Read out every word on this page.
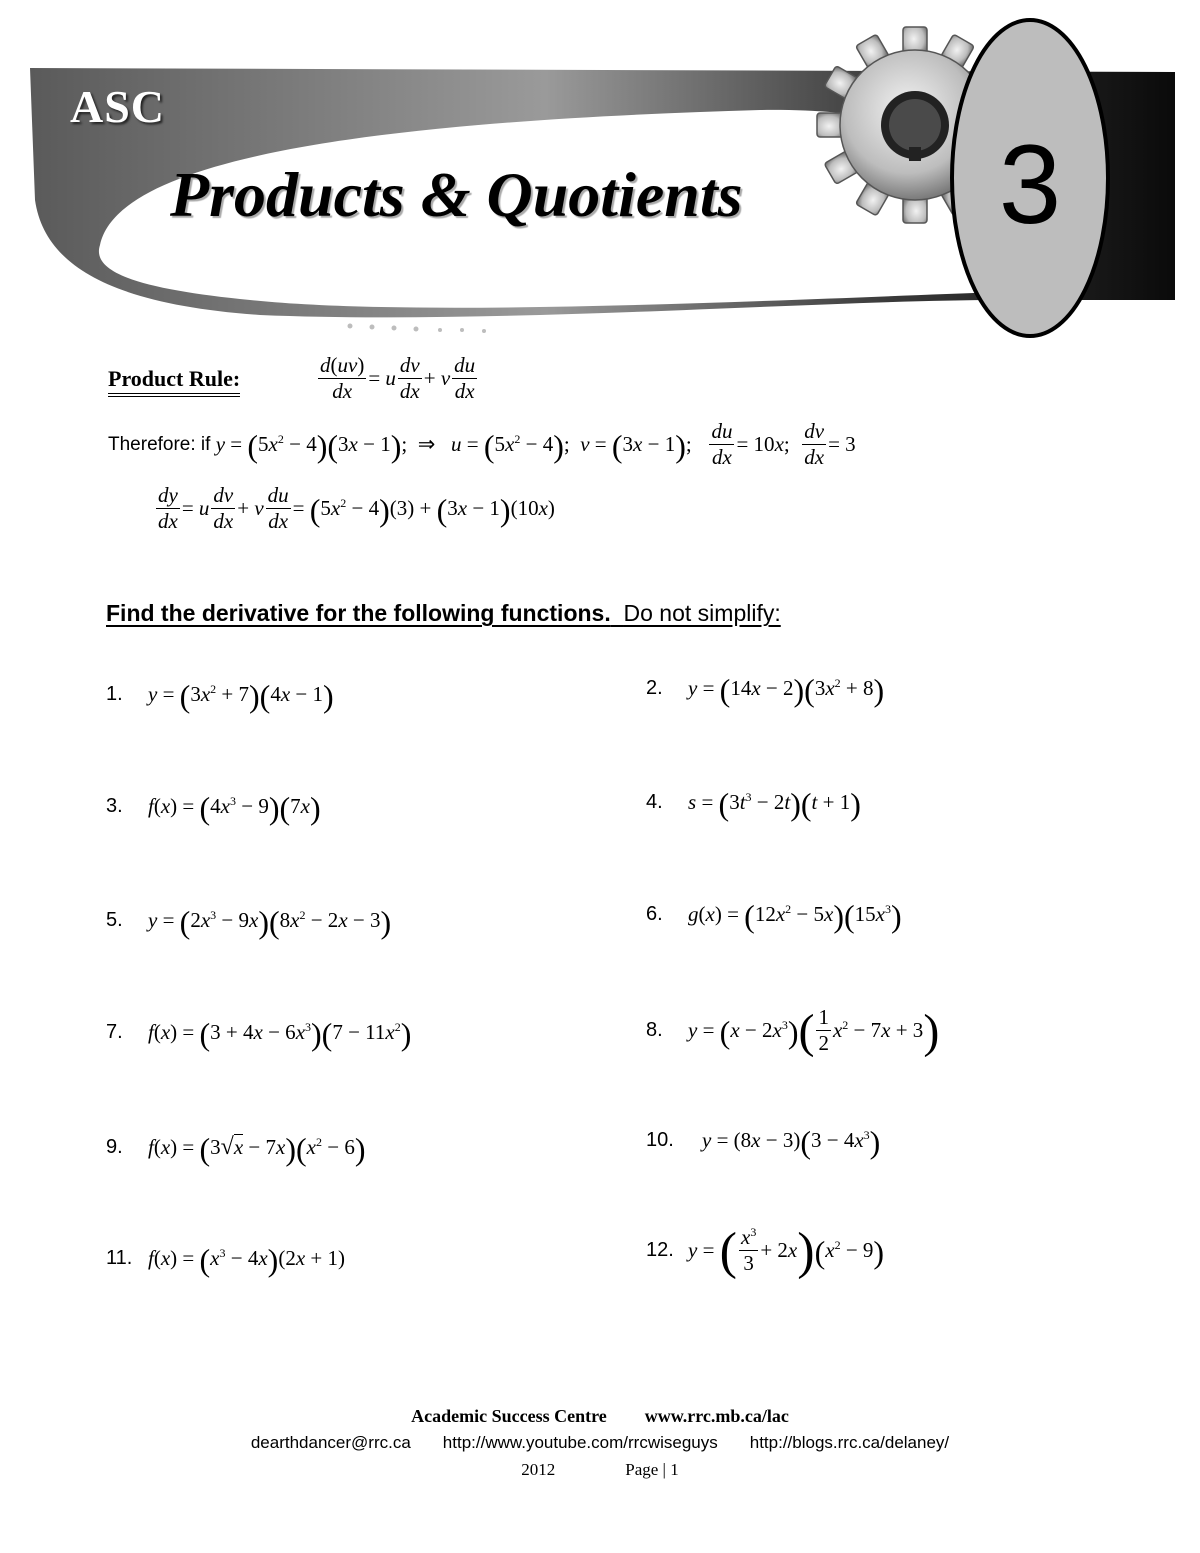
ASC
Products & Quotients 3
Product Rule:	$\frac{d(uv)}{dx} = u \frac{dv}{dx} + v \frac{du}{dx}$
Therefore: if $y = (5x^2 - 4)(3x - 1)$;  ⇒   $u = (5x^2 - 4)$;  v = (3x − 1); $\frac{du}{dx} = 10x$; $\frac{dv}{dx} = 3$
$\frac{dy}{dx} = u \frac{dv}{dx} + v \frac{du}{dx} = (5x^2 - 4)(3) + (3x - 1)(10x)$
Find the derivative for the following functions. Do not simplify:
1.	$y = (3x^2 + 7)(4x - 1)$	2.	$y = (14x - 2)(3x^2 + 8)$
3.	$f(x) = (4x^3 - 9)(7x)$	4.	$s = (3t^3 - 2t)(t + 1)$
5.	$y = (2x^3 - 9x)(8x^2 - 2x - 3)$	6.	$g(x) = (12x^2 - 5x)(15x^3)$
7.	$f(x) = (3 + 4x - 6x^3)(7 - 11x^2)$	8.	$y = (x - 2x^3)( \frac{1}{2} x^2 - 7x + 3)$
9.	$f(x) = (3√x - 7x)(x^2 - 6)$	10.	$y = (8x - 3)(3 - 4x^3)$
11. $f(x) = (x^3 - 4x)(2x + 1)$	12. y = ( $\frac{x^3}{3} + 2x)(x^2 - 9)$
Academic Success Centre www.rrc.mb.ca/lac
dearthdancer@rrc.ca http://www.youtube.com/rrcwiseguys http://blogs.rrc.ca/delaney/
2012	Page | 1
